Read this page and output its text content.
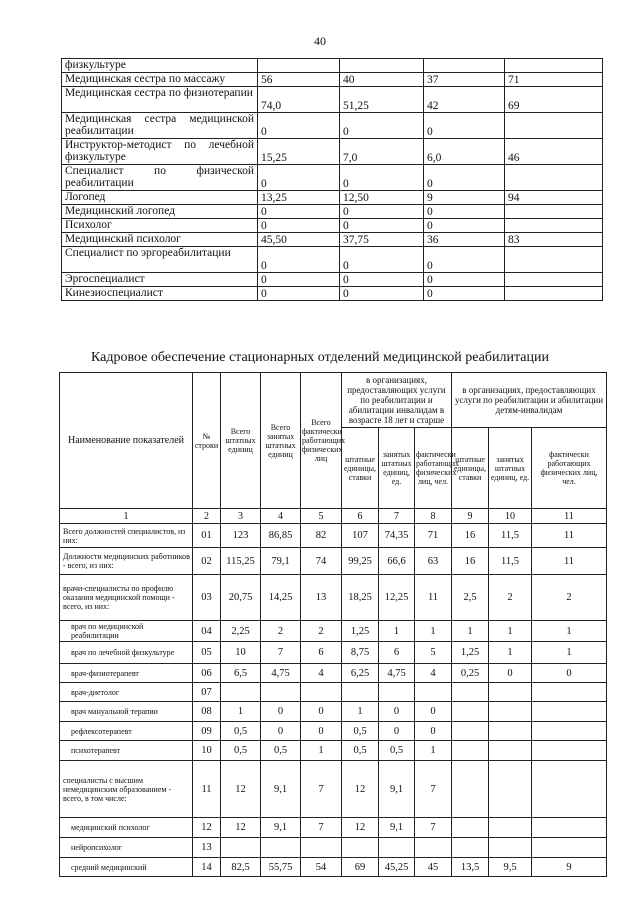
40
физкультуре				
Медицинская сестра по массажу	56	40	37	71
Медицинская сестра по физиотерапии	74,0	51,25	42	69
Медицинская сестра медицинской реабилитации	0	0	0	
Инструктор-методист по лечебной физкультуре	15,25	7,0	6,0	46
Специалист по физической реабилитации	0	0	0	
Логопед	13,25	12,50	9	94
Медицинский логопед	0	0	0	
Психолог	0	0	0	
Медицинский психолог	45,50	37,75	36	83
Специалист по эргореабилитации	0	0	0	
Эргоспециалист	0	0	0	
Кинезиоспециалист	0	0	0	
Кадровое обеспечение стационарных отделений медицинской реабилитации
Наименование показателей	№ строки	Всего штатных единиц	Всего занятых штатных единиц	Всего фактически работающих физических лиц	в организациях, предоставляющих услуги по реабилитации и абилитации инвалидам в возрасте 18 лет и старше			в организациях, предоставляющих услуги по реабилитации и абилитации детям-инвалидам		
					штатные единицы, ставки	занятых штатных единиц, ед.	фактически работающих физических лиц, чел.	штатные единицы, ставки	занятых штатных единиц, ед.	фактически работающих физических лиц, чел.
1	2	3	4	5	6	7	8	9	10	11
Всего должностей специалистов, из них:	01	123	86,85	82	107	74,35	71	16	11,5	11
Должности медицинских работников - всего, из них:	02	115,25	79,1	74	99,25	66,6	63	16	11,5	11
врачи-специалисты по профилю оказания медицинской помощи - всего, из них:	03	20,75	14,25	13	18,25	12,25	11	2,5	2	2
врач по медицинской реабилитации	04	2,25	2	2	1,25	1	1	1	1	1
врач по лечебной физкультуре	05	10	7	6	8,75	6	5	1,25	1	1
врач-физиотерапевт	06	6,5	4,75	4	6,25	4,75	4	0,25	0	0
врач-диетолог	07									
врач мануальной терапии	08	1	0	0	1	0	0			
рефлексотерапевт	09	0,5	0	0	0,5	0	0			
психотерапевт	10	0,5	0,5	1	0,5	0,5	1			
специалисты с высшим немедицинским образованием - всего, в том числе:	11	12	9,1	7	12	9,1	7			
медицинский психолог	12	12	9,1	7	12	9,1	7			
нейропсихолог	13									
средний медицинский	14	82,5	55,75	54	69	45,25	45	13,5	9,5	9
